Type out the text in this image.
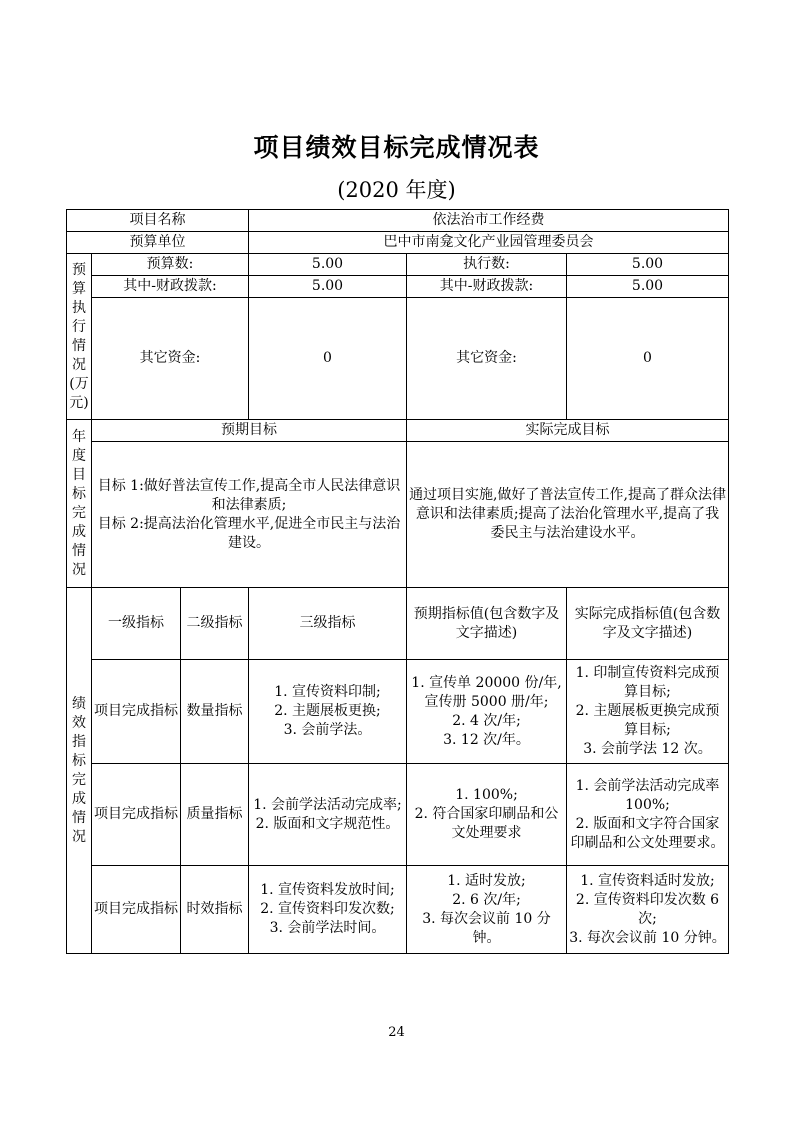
项目绩效目标完成情况表
(2020 年度)
项目名称			依法治市工作经费		
预算单位			巴中市南龛文化产业园管理委员会		
预算执行情况(万元)	预算数:		5.00	执行数:	5.00
	其中-财政拨款:		5.00	其中-财政拨款:	5.00
	其它资金:		0	其它资金:	0
年度目标完成情况	预期目标			实际完成目标	
	目标 1:做好普法宣传工作,提高全市人民法律意识和法律素质;
目标 2:提高法治化管理水平,促进全市民主与法治建设。			通过项目实施,做好了普法宣传工作,提高了群众法律意识和法律素质;提高了法治化管理水平,提高了我委民主与法治建设水平。	
绩效指标完成情况	一级指标	二级指标	三级指标	预期指标值(包含数字及文字描述)	实际完成指标值(包含数字及文字描述)
	项目完成指标	数量指标	1. 宣传资料印制;
2. 主题展板更换;
3. 会前学法。	1. 宣传单 20000 份/年,宣传册 5000 册/年;
2. 4 次/年;
3. 12 次/年。	1. 印制宣传资料完成预算目标;
2. 主题展板更换完成预算目标;
3. 会前学法 12 次。
	项目完成指标	质量指标	1. 会前学法活动完成率;
2. 版面和文字规范性。	1. 100%;
2. 符合国家印刷品和公文处理要求	1. 会前学法活动完成率 100%;
2. 版面和文字符合国家印刷品和公文处理要求。
	项目完成指标	时效指标	1. 宣传资料发放时间;
2. 宣传资料印发次数;
3. 会前学法时间。	1. 适时发放;
2. 6 次/年;
3. 每次会议前 10 分钟。	1. 宣传资料适时发放;
2. 宣传资料印发次数 6 次;
3. 每次会议前 10 分钟。
24
